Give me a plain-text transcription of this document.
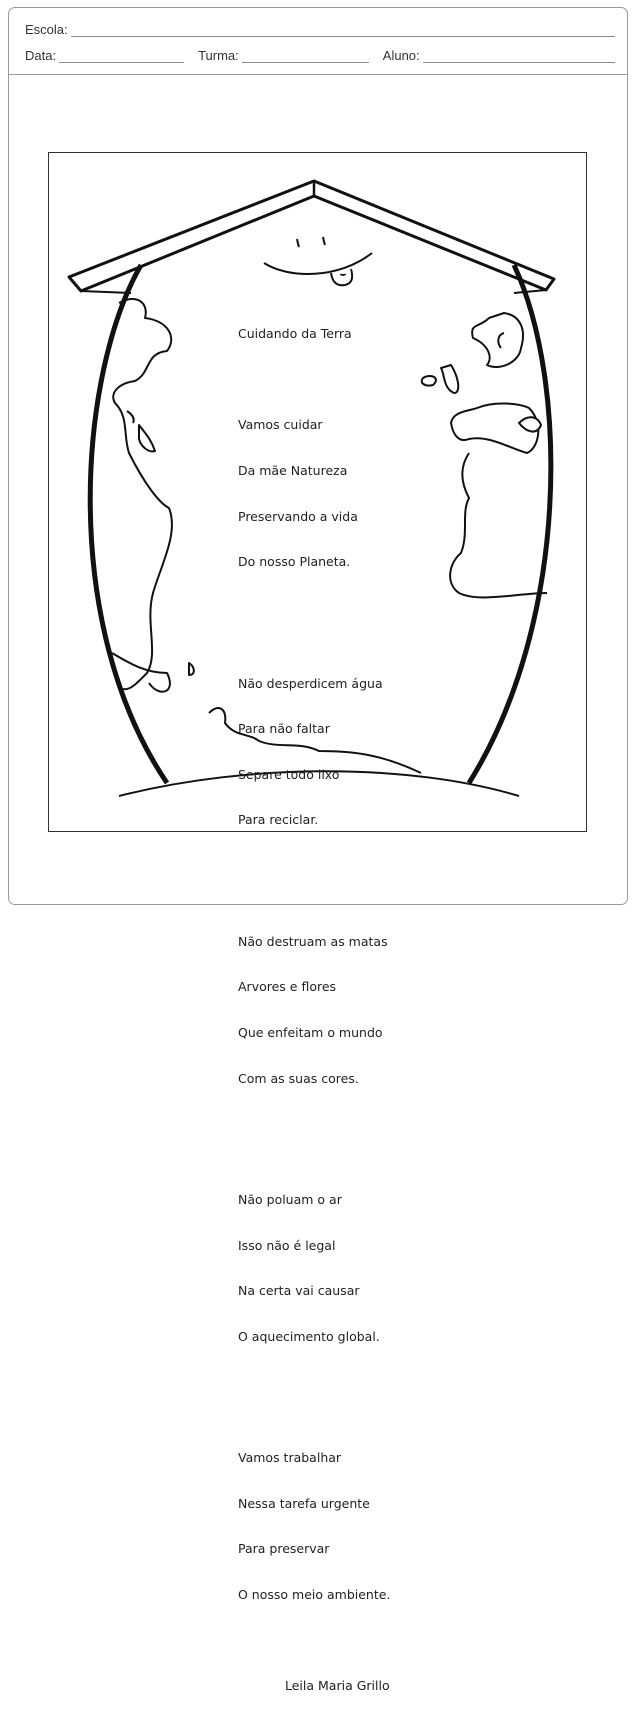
Escola:
Data:	Turma:	Aluno:

Cuidando da Terra

Vamos cuidar

Da mãe Natureza

Preservando a vida

Do nosso Planeta.

Não desperdicem água

Para não faltar

Separe todo lixo

Para reciclar.

Não destruam as matas

Arvores e flores

Que enfeitam o mundo

Com as suas cores.

Não poluam o ar

Isso não é legal

Na certa vai causar

O aquecimento global.

Vamos trabalhar

Nessa tarefa urgente

Para preservar

O nosso meio ambiente.

Leila Maria Grillo
